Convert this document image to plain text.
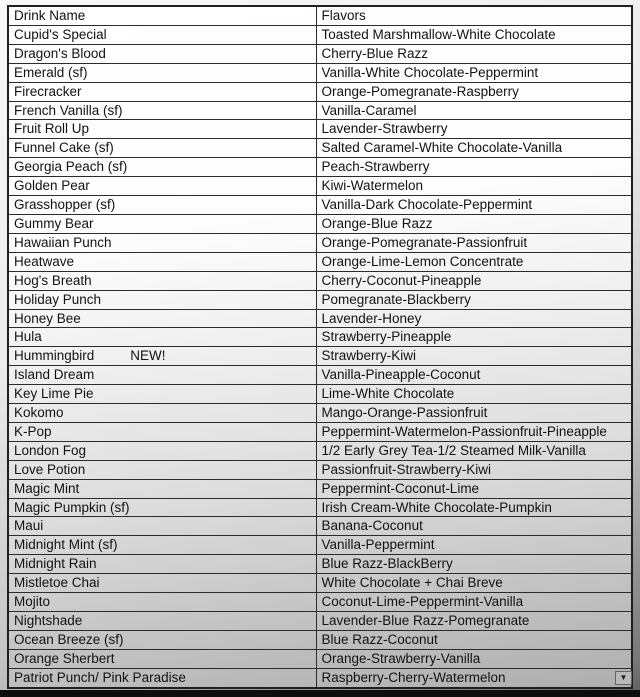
Drink Name	Flavors
Cupid's Special	Toasted Marshmallow-White Chocolate
Dragon's Blood	Cherry-Blue Razz
Emerald (sf)	Vanilla-White Chocolate-Peppermint
Firecracker	Orange-Pomegranate-Raspberry
French Vanilla (sf)	Vanilla-Caramel
Fruit Roll Up	Lavender-Strawberry
Funnel Cake (sf)	Salted Caramel-White Chocolate-Vanilla
Georgia Peach (sf)	Peach-Strawberry
Golden Pear	Kiwi-Watermelon
Grasshopper (sf)	Vanilla-Dark Chocolate-Peppermint
Gummy Bear	Orange-Blue Razz
Hawaiian Punch	Orange-Pomegranate-Passionfruit
Heatwave	Orange-Lime-Lemon Concentrate
Hog's Breath	Cherry-Coconut-Pineapple
Holiday Punch	Pomegranate-Blackberry
Honey Bee	Lavender-Honey
Hula	Strawberry-Pineapple
Hummingbird NEW!	Strawberry-Kiwi
Island Dream	Vanilla-Pineapple-Coconut
Key Lime Pie	Lime-White Chocolate
Kokomo	Mango-Orange-Passionfruit
K-Pop	Peppermint-Watermelon-Passionfruit-Pineapple
London Fog	1/2 Early Grey Tea-1/2 Steamed Milk-Vanilla
Love Potion	Passionfruit-Strawberry-Kiwi
Magic Mint	Peppermint-Coconut-Lime
Magic Pumpkin (sf)	Irish Cream-White Chocolate-Pumpkin
Maui	Banana-Coconut
Midnight Mint (sf)	Vanilla-Peppermint
Midnight Rain	Blue Razz-BlackBerry
Mistletoe Chai	White Chocolate + Chai Breve
Mojito	Coconut-Lime-Peppermint-Vanilla
Nightshade	Lavender-Blue Razz-Pomegranate
Ocean Breeze (sf)	Blue Razz-Coconut
Orange Sherbert	Orange-Strawberry-Vanilla
Patriot Punch/ Pink Paradise	Raspberry-Cherry-Watermelon	▼
